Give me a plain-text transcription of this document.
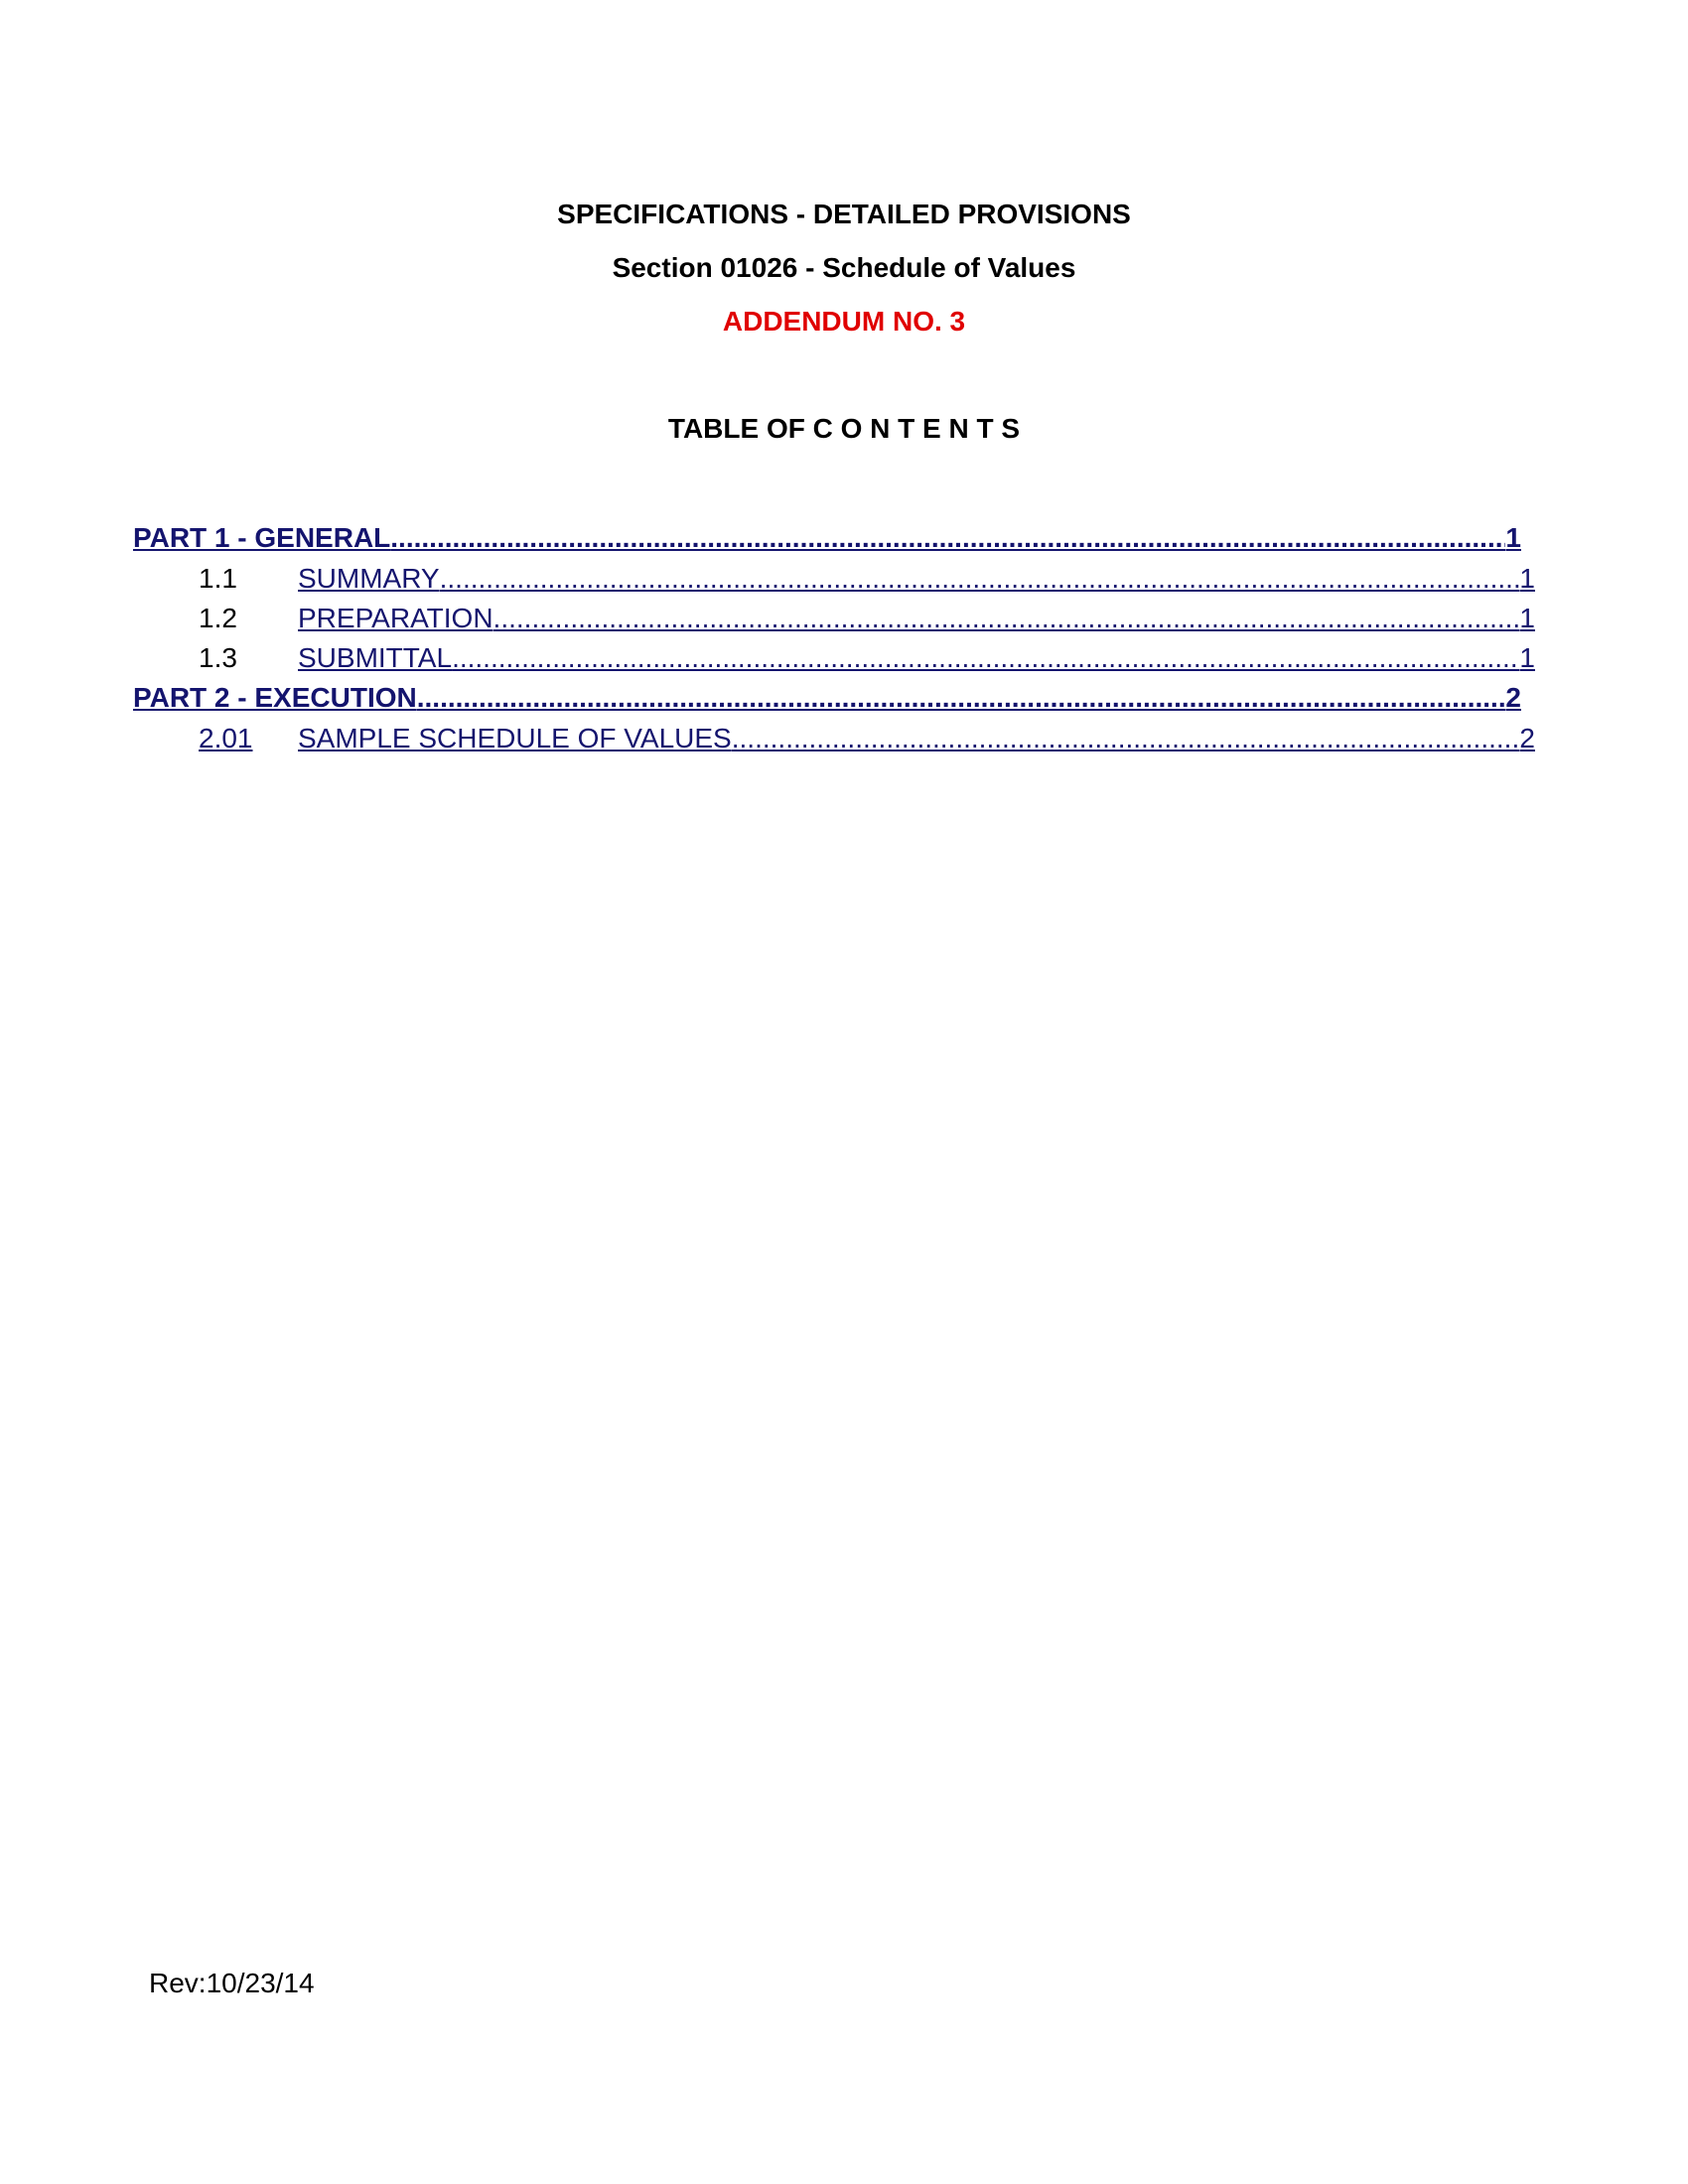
SPECIFICATIONS - DETAILED PROVISIONS
Section 01026 - Schedule of Values
ADDENDUM NO. 3
TABLE OF C O N T E N T S
PART 1 - GENERAL .....	1
1.1	SUMMARY .....	1
1.2	PREPARATION .....	1
1.3	SUBMITTAL .....	1
PART 2 - EXECUTION .....	2
2.01	SAMPLE SCHEDULE OF VALUES .....	2
Rev:10/23/14
